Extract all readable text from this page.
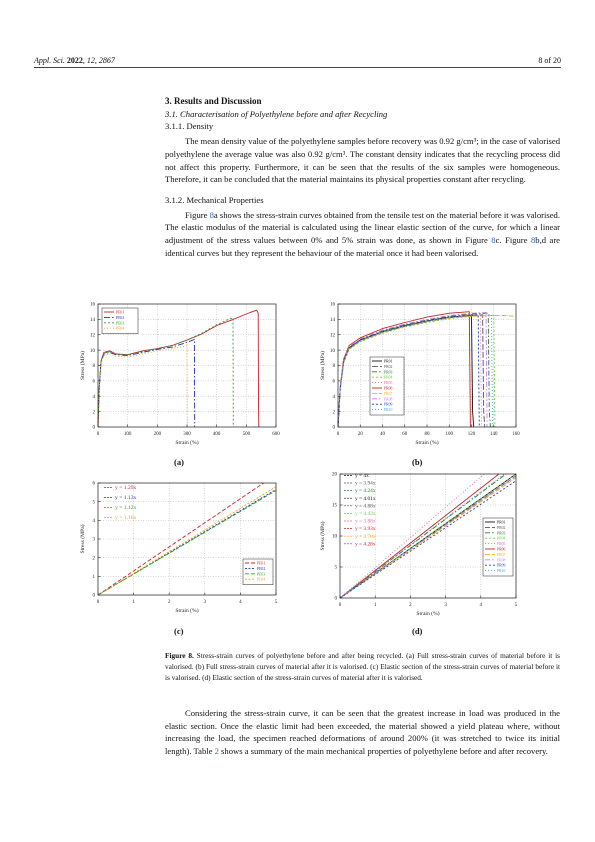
Appl. Sci. 2022, 12, 2867	8 of 20
3. Results and Discussion
3.1. Characterisation of Polyethylene before and after Recycling
3.1.1. Density
The mean density value of the polyethylene samples before recovery was 0.92 g/cm³; in the case of valorised polyethylene the average value was also 0.92 g/cm³. The constant density indicates that the recycling process did not affect this property. Furthermore, it can be seen that the results of the six samples were homogeneous. Therefore, it can be concluded that the material maintains its physical properties constant after recycling.
3.1.2. Mechanical Properties
Figure 8a shows the stress-strain curves obtained from the tensile test on the material before it was valorised. The elastic modulus of the material is calculated using the linear elastic section of the curve, for which a linear adjustment of the stress values between 0% and 5% strain was done, as shown in Figure 8c. Figure 8b,d are identical curves but they represent the behaviour of the material once it had been valorised.
0	100	200	300	400	500	600
0
2
4
6
8
10
12
14
16
Strain (%)
Stress (MPa)
PE01
PE02
PE03
PE04
0	20	40	60	80	100	120	140	160
0
2
4
6
8
10
12
14
16
Strain (%)
Stress (MPa)	PR01
PR02
PR03
PR04
PR05
PR06
PR07
PR08
PR09
PR10
0	1	2	3	4	5
0
1
2
3
4
5
6
Strain (%)
Stress (MPa)
y = 1.29x
y = 1.13x
y = 1.12x
y = 1.16x
PE01
PE02
PE03
PE04
0	1	2	3	4	5
0
5
10
15
20
Strain (%)
Stress (MPa)
y = 4x
y = 3.94x
y = 4.24x
y = 4.01x
y = 4.88x
y = 4.43x
y = 3.88x
y = 3.93x
y = 3.78x
y = 4.28x
PR01
PR02
PR03
PR04
PR05
PR06
PR07
PR08
PR09
PR10
(a)	(b)
(c)	(d)
Figure 8. Stress-strain curves of polyethylene before and after being recycled. (a) Full stress-strain curves of material before it is valorised. (b) Full stress-strain curves of material after it is valorised. (c) Elastic section of the stress-strain curves of material before it is valorised. (d) Elastic section of the stress-strain curves of material after it is valorised.
Considering the stress-strain curve, it can be seen that the greatest increase in load was produced in the elastic section. Once the elastic limit had been exceeded, the material showed a yield plateau where, without increasing the load, the specimen reached deformations of around 200% (it was stretched to twice its initial length). Table 2 shows a summary of the main mechanical properties of polyethylene before and after recovery.
